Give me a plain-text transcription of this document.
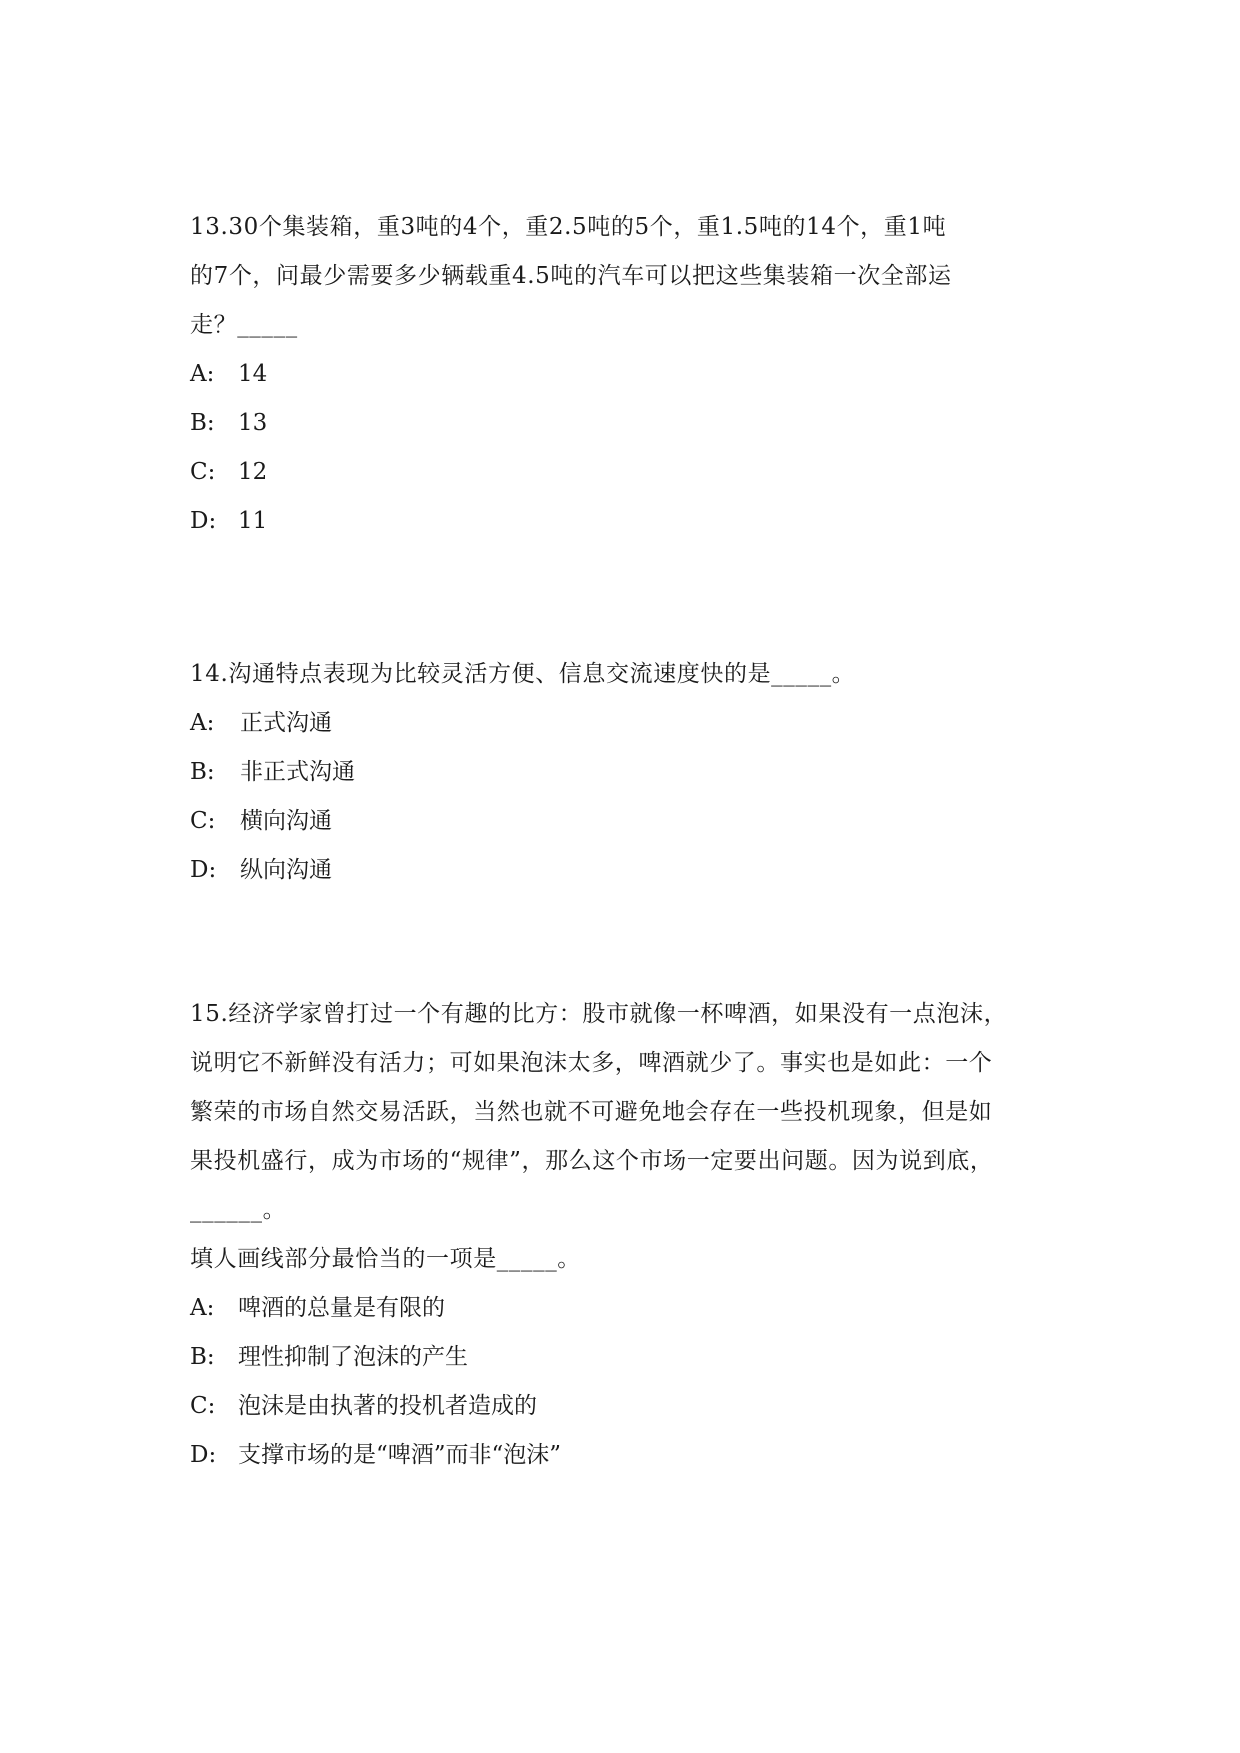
13.30个集装箱，重3吨的4个，重2.5吨的5个，重1.5吨的14个，重1吨
的7个，问最少需要多少辆载重4.5吨的汽车可以把这些集装箱一次全部运
走？_____
A: 14
B: 13
C: 12
D: 11
14.沟通特点表现为比较灵活方便、信息交流速度快的是_____。
A: 正式沟通
B: 非正式沟通
C: 横向沟通
D: 纵向沟通
15.经济学家曾打过一个有趣的比方：股市就像一杯啤酒，如果没有一点泡沫，
说明它不新鲜没有活力；可如果泡沫太多，啤酒就少了。事实也是如此：一个
繁荣的市场自然交易活跃，当然也就不可避免地会存在一些投机现象，但是如
果投机盛行，成为市场的“规律”，那么这个市场一定要出问题。因为说到底，
______。
填人画线部分最恰当的一项是_____。
A: 啤酒的总量是有限的
B: 理性抑制了泡沫的产生
C: 泡沫是由执著的投机者造成的
D: 支撑市场的是“啤酒”而非“泡沫”
